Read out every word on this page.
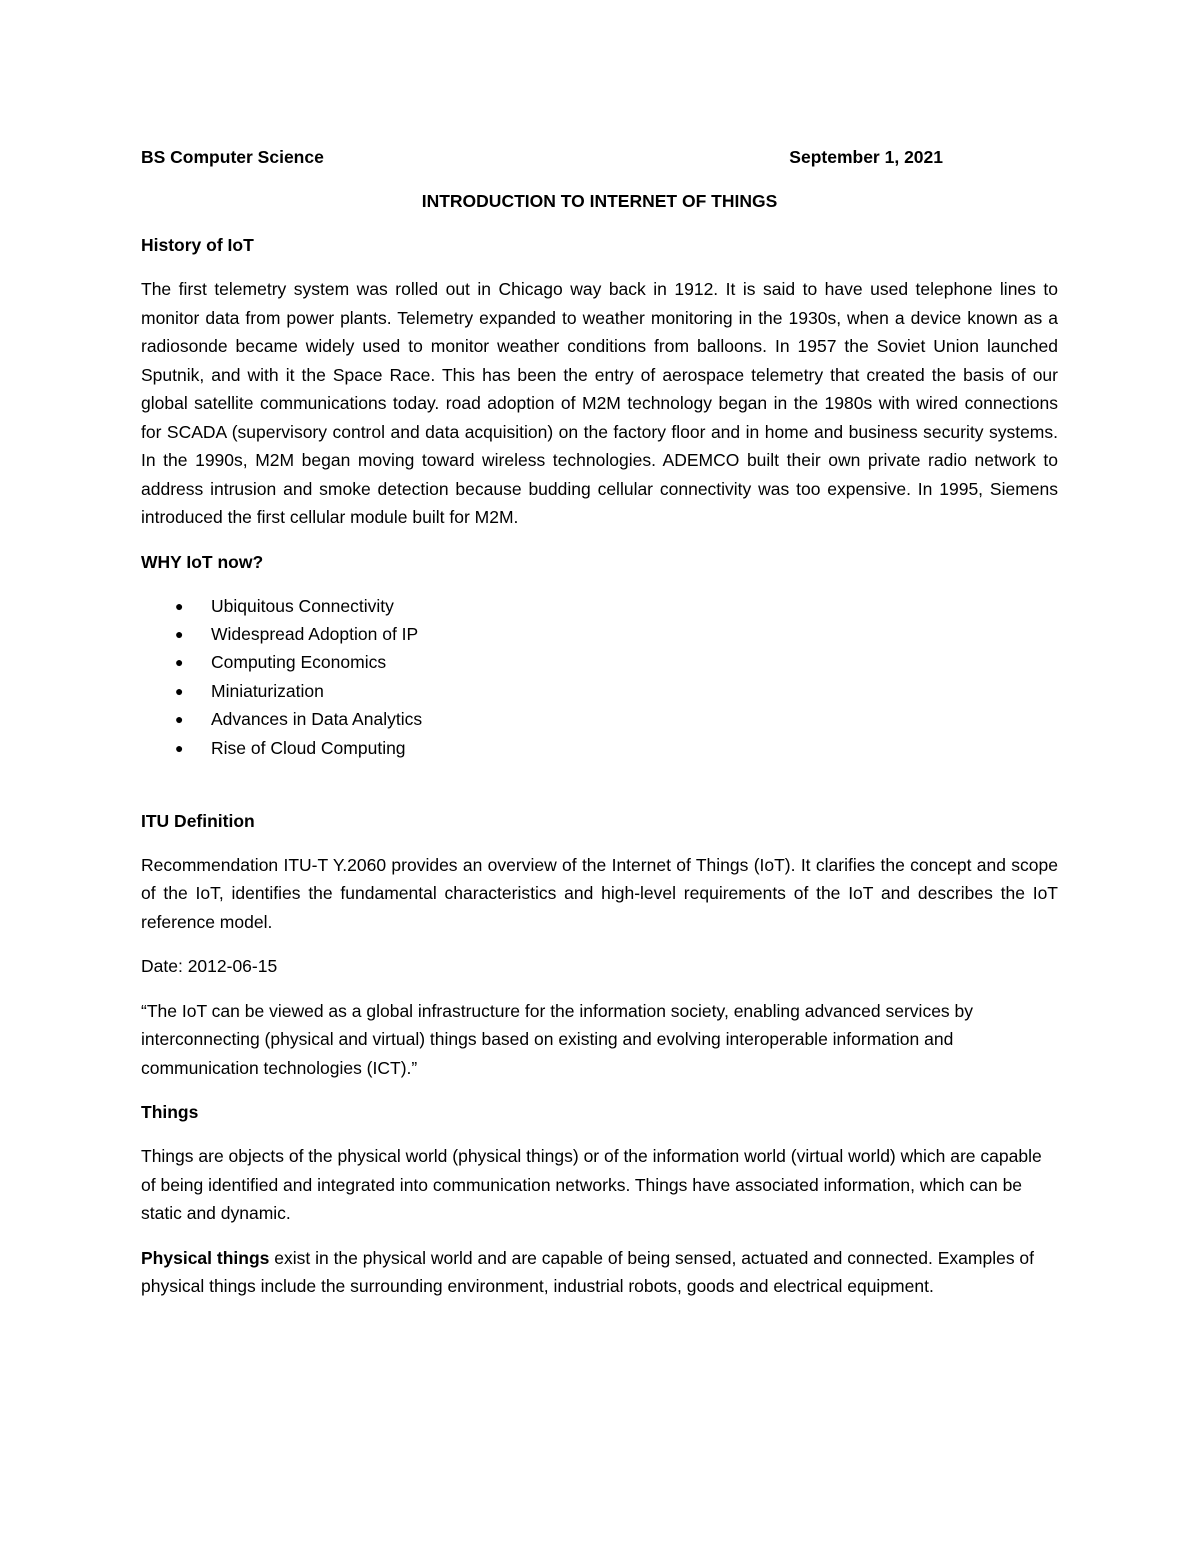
BS Computer Science	September 1, 2021
INTRODUCTION TO INTERNET OF THINGS
History of IoT

The first telemetry system was rolled out in Chicago way back in 1912. It is said to have used telephone lines to monitor data from power plants. Telemetry expanded to weather monitoring in the 1930s, when a device known as a radiosonde became widely used to monitor weather conditions from balloons. In 1957 the Soviet Union launched Sputnik, and with it the Space Race. This has been the entry of aerospace telemetry that created the basis of our global satellite communications today. road adoption of M2M technology began in the 1980s with wired connections for SCADA (supervisory control and data acquisition) on the factory floor and in home and business security systems. In the 1990s, M2M began moving toward wireless technologies. ADEMCO built their own private radio network to address intrusion and smoke detection because budding cellular connectivity was too expensive. In 1995, Siemens introduced the first cellular module built for M2M.

WHY IoT now?
●	Ubiquitous Connectivity
●	Widespread Adoption of IP
●	Computing Economics
●	Miniaturization
●	Advances in Data Analytics
●	Rise of Cloud Computing
ITU Definition

Recommendation ITU-T Y.2060 provides an overview of the Internet of Things (IoT). It clarifies the concept and scope of the IoT, identifies the fundamental characteristics and high-level requirements of the IoT and describes the IoT reference model.

Date: 2012-06-15

“The IoT can be viewed as a global infrastructure for the information society, enabling advanced services by interconnecting (physical and virtual) things based on existing and evolving interoperable information and communication technologies (ICT).”

Things

Things are objects of the physical world (physical things) or of the information world (virtual world) which are capable of being identified and integrated into communication networks. Things have associated information, which can be static and dynamic.

Physical things exist in the physical world and are capable of being sensed, actuated and connected. Examples of physical things include the surrounding environment, industrial robots, goods and electrical equipment.
